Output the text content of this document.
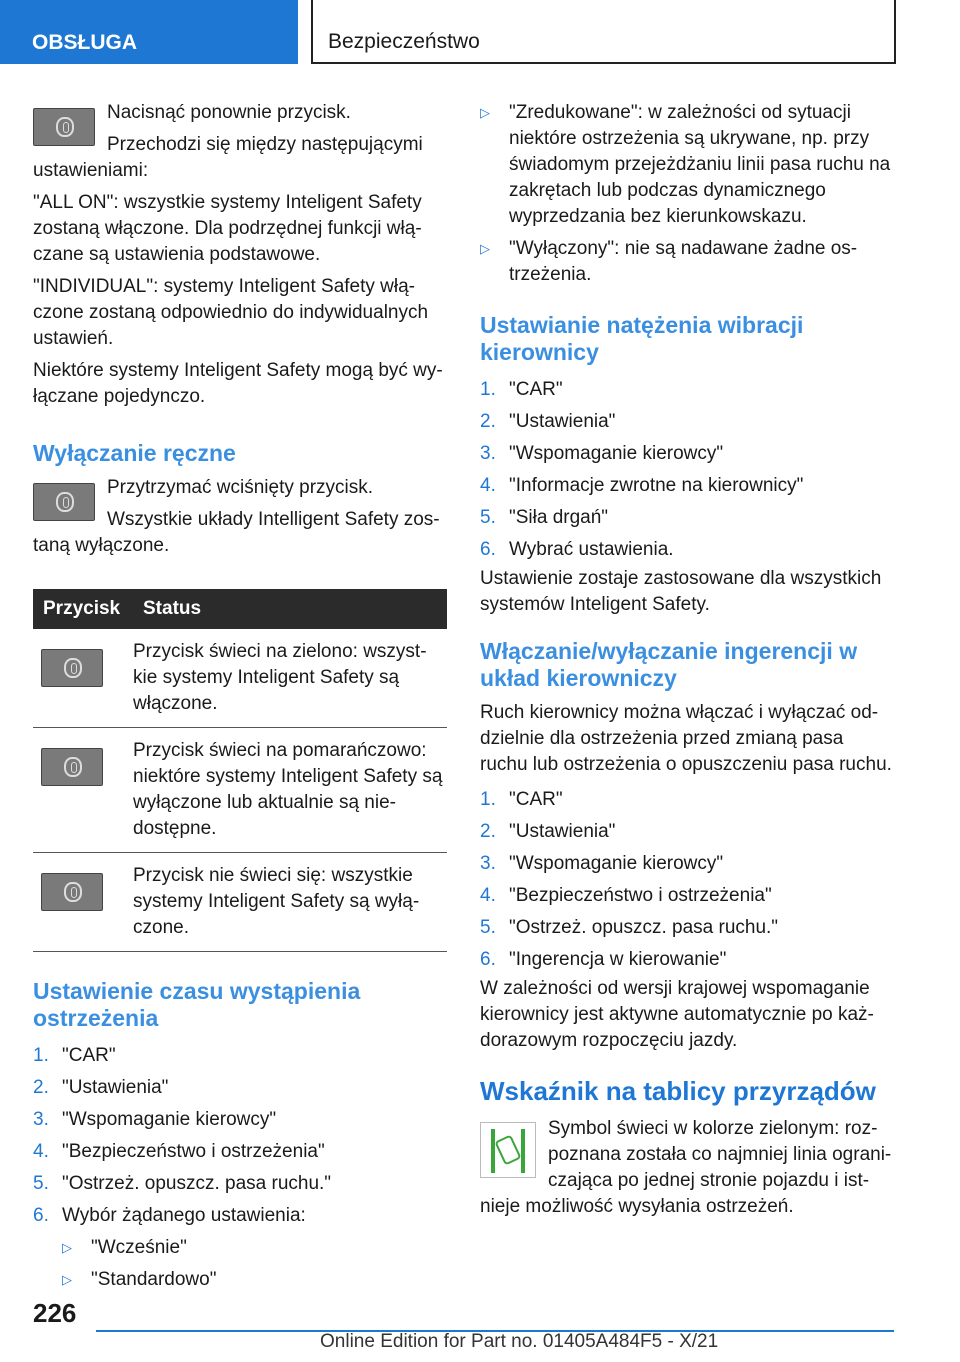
OBSŁUGA	Bezpieczeństwo

Nacisnąć ponownie przycisk.

Przechodzi się między następującymi ustawieniami:

"ALL ON": wszystkie systemy Inteligent Safety zostaną włączone. Dla podrzędnej funkcji włą-czane są ustawienia podstawowe.

"INDIVIDUAL": systemy Inteligent Safety włą-czone zostaną odpowiednio do indywidualnych ustawień.

Niektóre systemy Inteligent Safety mogą być wy-łączane pojedynczo.

Wyłączanie ręczne

Przytrzymać wciśnięty przycisk.

Wszystkie układy Intelligent Safety zos-taną wyłączone.

Przycisk	Status

	Przycisk świeci na zielono: wszyst-kie systemy Inteligent Safety są włączone.

	Przycisk świeci na pomarańczowo: niektóre systemy Inteligent Safety są wyłączone lub aktualnie są nie-dostępne.

	Przycisk nie świeci się: wszystkie systemy Inteligent Safety są wyłą-czone.
Ustawienie czasu wystąpienia ostrzeżenia
1. "CAR"
2. "Ustawienia"
3. "Wspomaganie kierowcy"
4. "Bezpieczeństwo i ostrzeżenia"
5. "Ostrzeż. opuszcz. pasa ruchu."
6. Wybór żądanego ustawienia:
▷ "Wcześnie"
▷ "Standardowo"
▷ "Zredukowane": w zależności od sytuacji niektóre ostrzeżenia są ukrywane, np. przy świadomym przejeżdżaniu linii pasa ruchu na zakrętach lub podczas dynamicznego wyprzedzania bez kierunkowskazu.
▷ "Wyłączony": nie są nadawane żadne os-trzeżenia.
Ustawianie natężenia wibracji kierownicy
1. "CAR"
2. "Ustawienia"
3. "Wspomaganie kierowcy"
4. "Informacje zwrotne na kierownicy"
5. "Siła drgań"
6. Wybrać ustawienia.

Ustawienie zostaje zastosowane dla wszystkich systemów Inteligent Safety.

Włączanie/wyłączanie ingerencji w układ kierowniczy

Ruch kierownicy można włączać i wyłączać od-dzielnie dla ostrzeżenia przed zmianą pasa ruchu lub ostrzeżenia o opuszczeniu pasa ruchu.

1. "CAR"
2. "Ustawienia"
3. "Wspomaganie kierowcy"
4. "Bezpieczeństwo i ostrzeżenia"
5. "Ostrzeż. opuszcz. pasa ruchu."
6. "Ingerencja w kierowanie"

W zależności od wersji krajowej wspomaganie kierownicy jest aktywne automatycznie po każ-dorazowym rozpoczęciu jazdy.

Wskaźnik na tablicy przyrządów

Symbol świeci w kolorze zielonym: roz-poznana została co najmniej linia ograni-czająca po jednej stronie pojazdu i ist-nieje możliwość wysyłania ostrzeżeń.

226
Online Edition for Part no. 01405A484F5 - X/21
